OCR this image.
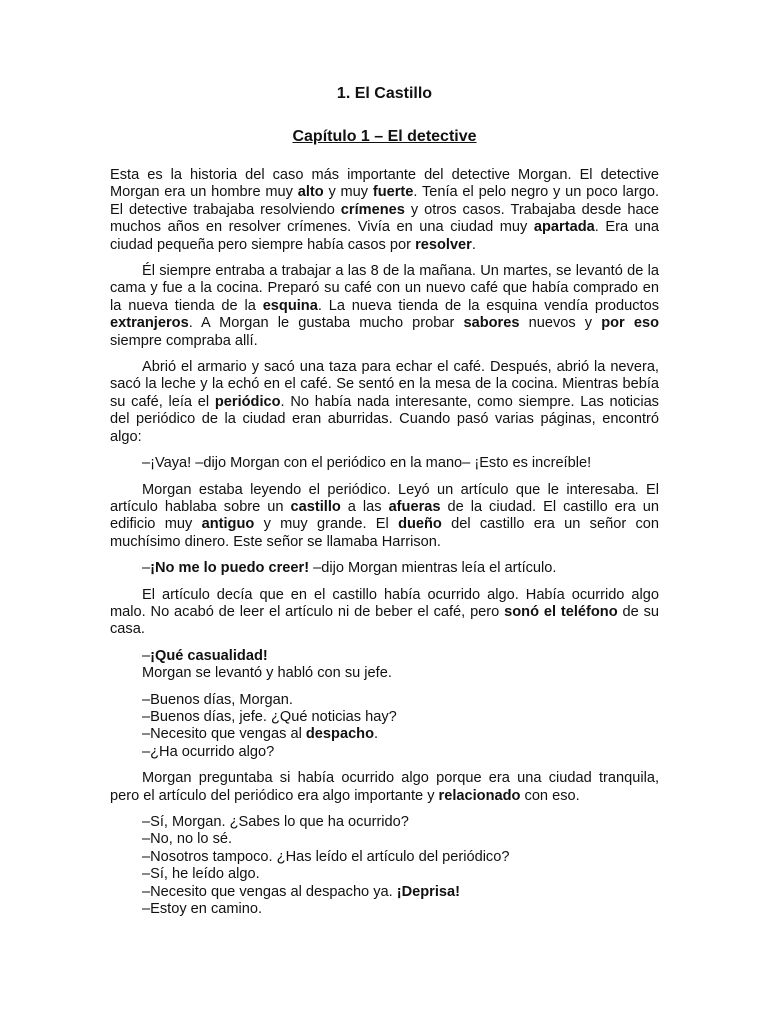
1. El Castillo
Capítulo 1 – El detective

Esta es la historia del caso más importante del detective Morgan. El detective Morgan era un hombre muy alto y muy fuerte. Tenía el pelo negro y un poco largo. El detective trabajaba resolviendo crímenes y otros casos. Trabajaba desde hace muchos años en resolver crímenes. Vivía en una ciudad muy apartada. Era una ciudad pequeña pero siempre había casos por resolver.

Él siempre entraba a trabajar a las 8 de la mañana. Un martes, se levantó de la cama y fue a la cocina. Preparó su café con un nuevo café que había comprado en la nueva tienda de la esquina. La nueva tienda de la esquina vendía productos extranjeros. A Morgan le gustaba mucho probar sabores nuevos y por eso siempre compraba allí.

Abrió el armario y sacó una taza para echar el café. Después, abrió la nevera, sacó la leche y la echó en el café. Se sentó en la mesa de la cocina. Mientras bebía su café, leía el periódico. No había nada interesante, como siempre. Las noticias del periódico de la ciudad eran aburridas. Cuando pasó varias páginas, encontró algo:

–¡Vaya! –dijo Morgan con el periódico en la mano– ¡Esto es increíble!

Morgan estaba leyendo el periódico. Leyó un artículo que le interesaba. El artículo hablaba sobre un castillo a las afueras de la ciudad. El castillo era un edificio muy antiguo y muy grande. El dueño del castillo era un señor con muchísimo dinero. Este señor se llamaba Harrison.

–¡No me lo puedo creer! –dijo Morgan mientras leía el artículo.

El artículo decía que en el castillo había ocurrido algo. Había ocurrido algo malo. No acabó de leer el artículo ni de beber el café, pero sonó el teléfono de su casa.

–¡Qué casualidad!
Morgan se levantó y habló con su jefe.
–Buenos días, Morgan.
–Buenos días, jefe. ¿Qué noticias hay?
–Necesito que vengas al despacho.
–¿Ha ocurrido algo?

Morgan preguntaba si había ocurrido algo porque era una ciudad tranquila, pero el artículo del periódico era algo importante y relacionado con eso.

–Sí, Morgan. ¿Sabes lo que ha ocurrido?
–No, no lo sé.
–Nosotros tampoco. ¿Has leído el artículo del periódico?
–Sí, he leído algo.
–Necesito que vengas al despacho ya. ¡Deprisa!
–Estoy en camino.
